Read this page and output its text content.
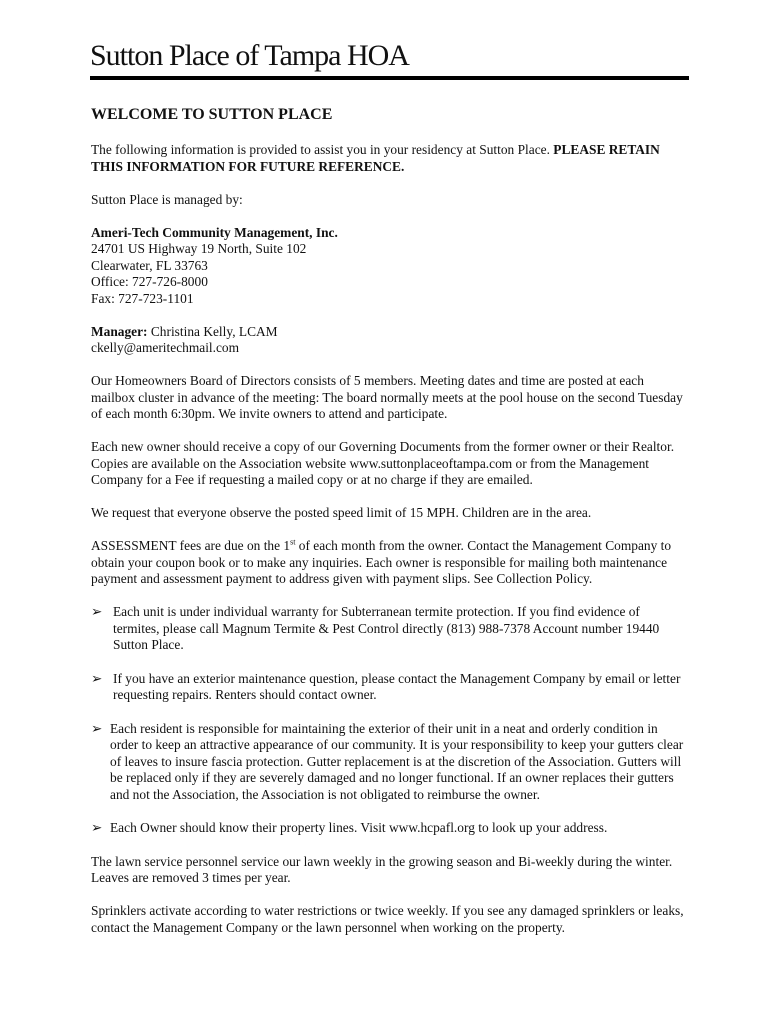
Sutton Place of Tampa HOA
WELCOME TO SUTTON PLACE

The following information is provided to assist you in your residency at Sutton Place. PLEASE RETAIN THIS INFORMATION FOR FUTURE REFERENCE.

Sutton Place is managed by:

Ameri-Tech Community Management, Inc.
24701 US Highway 19 North, Suite 102
Clearwater, FL 33763
Office: 727-726-8000
Fax: 727-723-1101

Manager: Christina Kelly, LCAM
ckelly@ameritechmail.com

Our Homeowners Board of Directors consists of 5 members. Meeting dates and time are posted at each mailbox cluster in advance of the meeting: The board normally meets at the pool house on the second Tuesday of each month 6:30pm. We invite owners to attend and participate.

Each new owner should receive a copy of our Governing Documents from the former owner or their Realtor. Copies are available on the Association website www.suttonplaceoftampa.com or from the Management Company for a Fee if requesting a mailed copy or at no charge if they are emailed.

We request that everyone observe the posted speed limit of 15 MPH. Children are in the area.

ASSESSMENT fees are due on the 1st of each month from the owner. Contact the Management Company to obtain your coupon book or to make any inquiries. Each owner is responsible for mailing both maintenance payment and assessment payment to address given with payment slips. See Collection Policy.

➢ Each unit is under individual warranty for Subterranean termite protection. If you find evidence of termites, please call Magnum Termite & Pest Control directly (813) 988-7378 Account number 19440 Sutton Place.
➢ If you have an exterior maintenance question, please contact the Management Company by email or letter requesting repairs. Renters should contact owner.
➢ Each resident is responsible for maintaining the exterior of their unit in a neat and orderly condition in order to keep an attractive appearance of our community. It is your responsibility to keep your gutters clear of leaves to insure fascia protection. Gutter replacement is at the discretion of the Association. Gutters will be replaced only if they are severely damaged and no longer functional. If an owner replaces their gutters and not the Association, the Association is not obligated to reimburse the owner.
➢ Each Owner should know their property lines. Visit www.hcpafl.org to look up your address.

The lawn service personnel service our lawn weekly in the growing season and Bi-weekly during the winter. Leaves are removed 3 times per year.

Sprinklers activate according to water restrictions or twice weekly. If you see any damaged sprinklers or leaks, contact the Management Company or the lawn personnel when working on the property.
